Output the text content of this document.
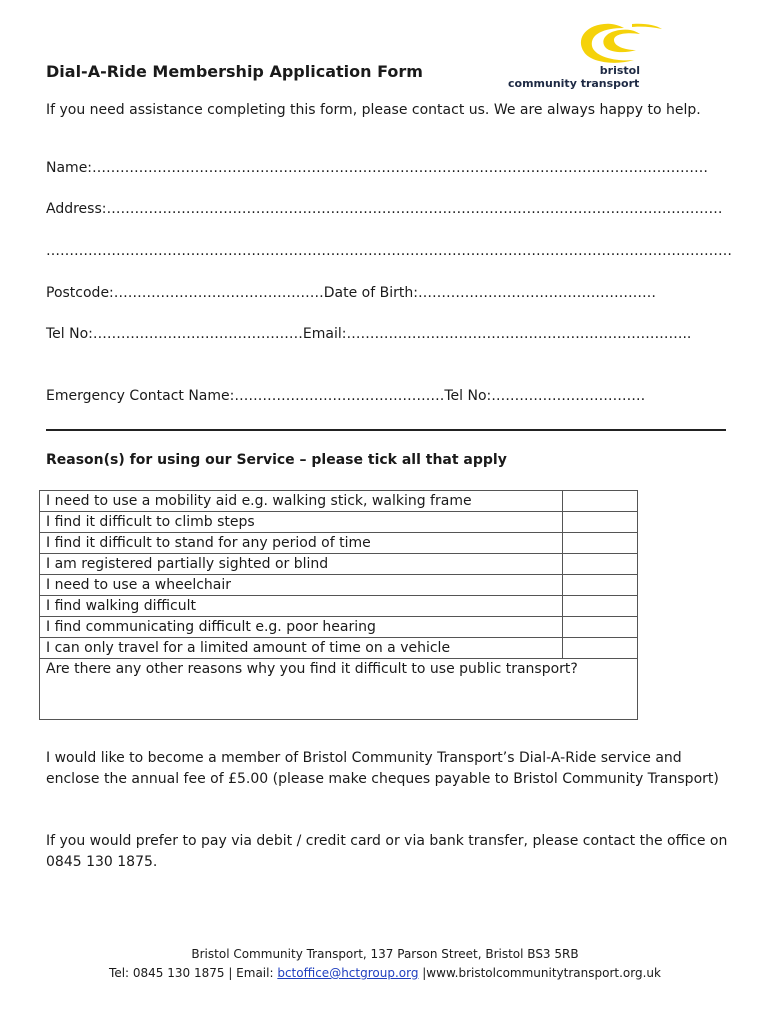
Dial-A-Ride Membership Application Form	bristol
community transport
If you need assistance completing this form, please contact us. We are always happy to help.
Name:……………………………………………………………………………………………………………………
Address:……………………………………………………………………………………………………………………
…………………………………………………………………………………………………………………………………
Postcode:………………………………………Date of Birth:……………………………………………
Tel No:………………………………………Email:………………………………………………………………..
Emergency Contact Name:………………………………………Tel No:……………………………
Reason(s) for using our Service – please tick all that apply
I need to use a mobility aid e.g. walking stick, walking frame	
I find it difficult to climb steps	
I find it difficult to stand for any period of time	
I am registered partially sighted or blind	
I need to use a wheelchair	
I find walking difficult	
I find communicating difficult e.g. poor hearing	
I can only travel for a limited amount of time on a vehicle	
Are there any other reasons why you find it difficult to use public transport?	
I would like to become a member of Bristol Community Transport’s Dial-A-Ride service and enclose the annual fee of £5.00 (please make cheques payable to Bristol Community Transport)
If you would prefer to pay via debit / credit card or via bank transfer, please contact the office on 0845 130 1875.
Bristol Community Transport, 137 Parson Street, Bristol BS3 5RB
Tel: 0845 130 1875 | Email: bctoffice@hctgroup.org |www.bristolcommunitytransport.org.uk
